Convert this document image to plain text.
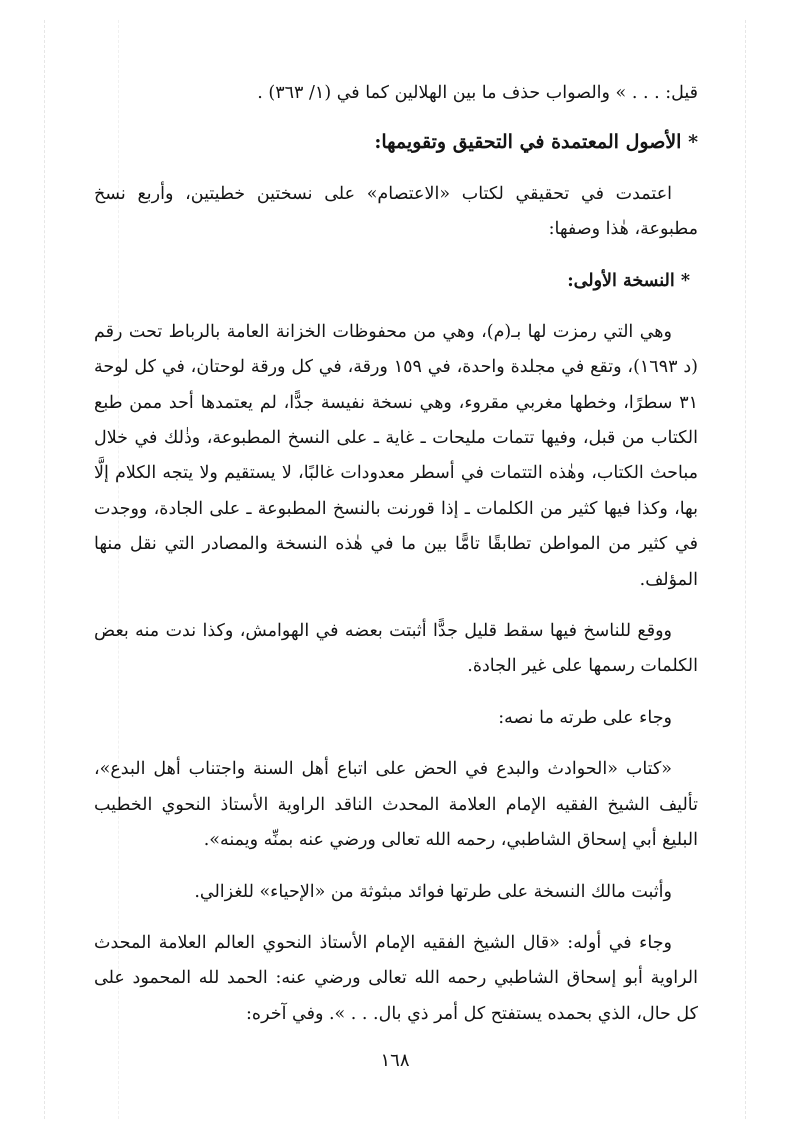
قيل: . . . » والصواب حذف ما بين الهلالين كما في (١/ ٣٦٣) .

* الأصول المعتمدة في التحقيق وتقويمها:

اعتمدت في تحقيقي لكتاب «الاعتصام» على نسختين خطيتين، وأربع نسخ مطبوعة، هٰذا وصفها:

* النسخة الأولى:

وهي التي رمزت لها بـ(م)، وهي من محفوظات الخزانة العامة بالرباط تحت رقم (د ١٦٩٣)، وتقع في مجلدة واحدة، في ١٥٩ ورقة، في كل ورقة لوحتان، في كل لوحة ٣١ سطرًا، وخطها مغربي مقروء، وهي نسخة نفيسة جدًّا، لم يعتمدها أحد ممن طبع الكتاب من قبل، وفيها تتمات مليحات ـ غاية ـ على النسخ المطبوعة، وذٰلك في خلال مباحث الكتاب، وهٰذه التتمات في أسطر معدودات غالبًا، لا يستقيم ولا يتجه الكلام إلَّا بها، وكذا فيها كثير من الكلمات ـ إذا قورنت بالنسخ المطبوعة ـ على الجادة، ووجدت في كثير من المواطن تطابقًا تامًّا بين ما في هٰذه النسخة والمصادر التي نقل منها المؤلف.

ووقع للناسخ فيها سقط قليل جدًّا أثبتت بعضه في الهوامش، وكذا ندت منه بعض الكلمات رسمها على غير الجادة.

وجاء على طرته ما نصه:

«كتاب «الحوادث والبدع في الحض على اتباع أهل السنة واجتناب أهل البدع»، تأليف الشيخ الفقيه الإمام العلامة المحدث الناقد الراوية الأستاذ النحوي الخطيب البليغ أبي إسحاق الشاطبي، رحمه الله تعالى ورضي عنه بمنِّه ويمنه».

وأثبت مالك النسخة على طرتها فوائد مبثوثة من «الإحياء» للغزالي.

وجاء في أوله: «قال الشيخ الفقيه الإمام الأستاذ النحوي العالم العلامة المحدث الراوية أبو إسحاق الشاطبي رحمه الله تعالى ورضي عنه: الحمد لله المحمود على كل حال، الذي بحمده يستفتح كل أمر ذي بال. . . ». وفي آخره:

١٦٨
